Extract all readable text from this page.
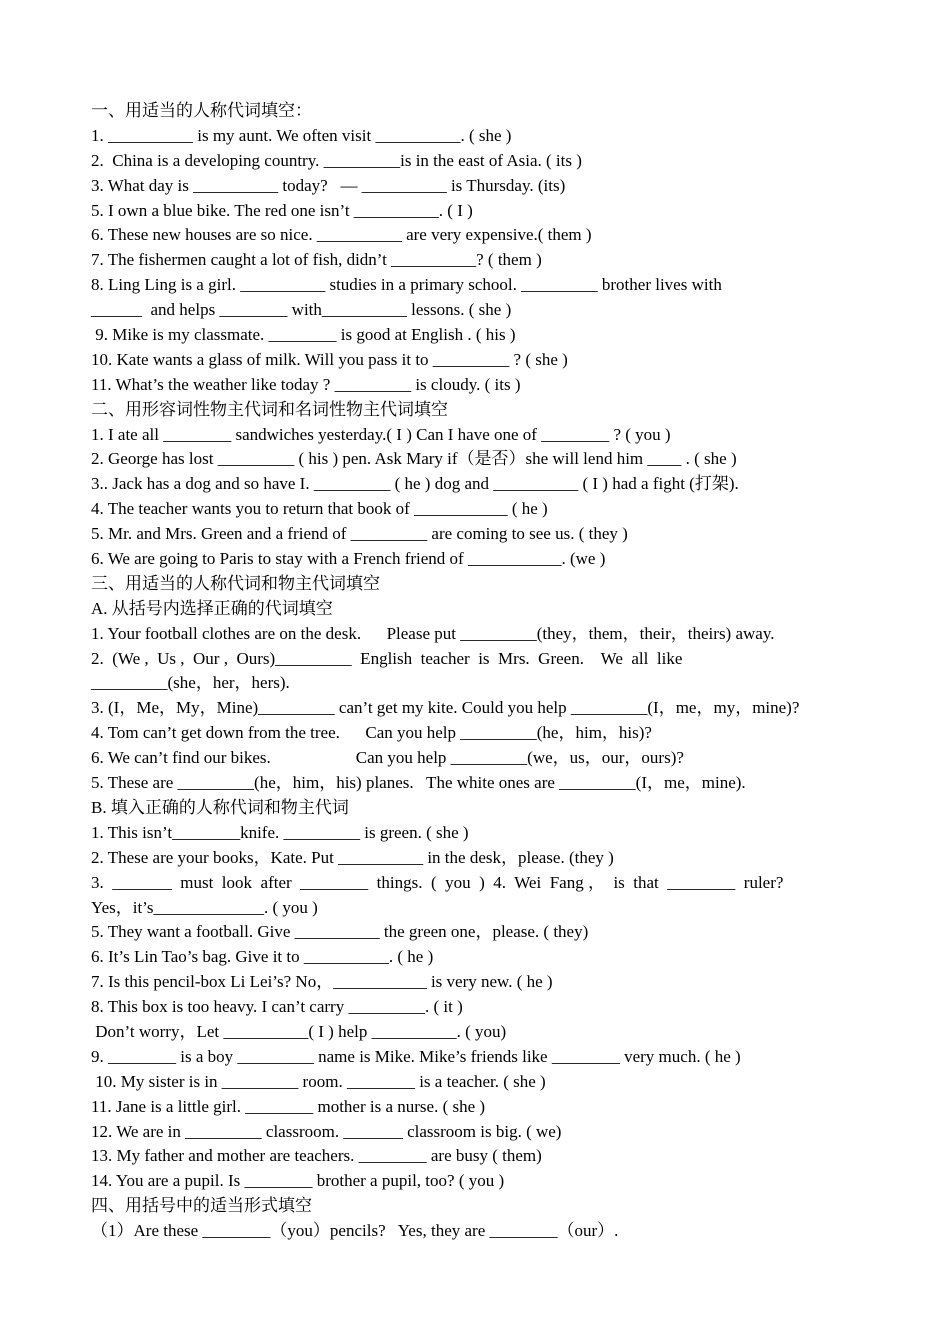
一、用适当的人称代词填空：
1. __________ is my aunt. We often visit __________. ( she )
2.  China is a developing country. _________is in the east of Asia. ( its )
3. What day is __________ today?   — __________ is Thursday. (its)
5. I own a blue bike. The red one isn’t __________. ( I )
6. These new houses are so nice. __________ are very expensive.( them )
7. The fishermen caught a lot of fish, didn’t __________? ( them )
8. Ling Ling is a girl. __________ studies in a primary school. _________ brother lives with
______  and helps ________ with__________ lessons. ( she )
9. Mike is my classmate. ________ is good at English . ( his )
10. Kate wants a glass of milk. Will you pass it to _________ ? ( she )
11. What’s the weather like today ? _________ is cloudy. ( its )
二、用形容词性物主代词和名词性物主代词填空
1. I ate all ________ sandwiches yesterday.( I ) Can I have one of ________ ? ( you )
2. George has lost _________ ( his ) pen. Ask Mary if（是否）she will lend him ____ . ( she )
3.. Jack has a dog and so have I. _________ ( he ) dog and __________ ( I ) had a fight (打架).
4. The teacher wants you to return that book of ___________ ( he )
5. Mr. and Mrs. Green and a friend of _________ are coming to see us. ( they )
6. We are going to Paris to stay with a French friend of ___________. (we )
三、用适当的人称代词和物主代词填空
A. 从括号内选择正确的代词填空
1. Your football clothes are on the desk.      Please put _________(they，them，their，theirs) away.
2.  (We ,  Us ,  Our ,  Ours)_________  English  teacher  is  Mrs.  Green.    We  all  like
_________(she，her，hers).
3. (I，Me，My，Mine)_________ can’t get my kite. Could you help _________(I，me，my，mine)?
4. Tom can’t get down from the tree.      Can you help _________(he，him，his)?
6. We can’t find our bikes.                    Can you help _________(we，us，our，ours)?
5. These are _________(he，him，his) planes.   The white ones are _________(I，me，mine).
B. 填入正确的人称代词和物主代词
1. This isn’t________knife. _________ is green. ( she )
2. These are your books，Kate. Put __________ in the desk，please. (they )
3.  _______  must  look  after  ________  things.  (  you  )  4.  Wei  Fang ，  is  that  ________  ruler?
Yes，it’s_____________. ( you )
5. They want a football. Give __________ the green one，please. ( they)
6. It’s Lin Tao’s bag. Give it to __________. ( he )
7. Is this pencil-box Li Lei’s? No，___________ is very new. ( he )
8. This box is too heavy. I can’t carry _________. ( it )
Don’t worry，Let __________( I ) help __________. ( you)
9. ________ is a boy _________ name is Mike. Mike’s friends like ________ very much. ( he )
10. My sister is in _________ room. ________ is a teacher. ( she )
11. Jane is a little girl. ________ mother is a nurse. ( she )
12. We are in _________ classroom. _______ classroom is big. ( we)
13. My father and mother are teachers. ________ are busy ( them)
14. You are a pupil. Is ________ brother a pupil, too? ( you )
四、用括号中的适当形式填空
（1）Are these ________（you）pencils?   Yes, they are ________（our）.
